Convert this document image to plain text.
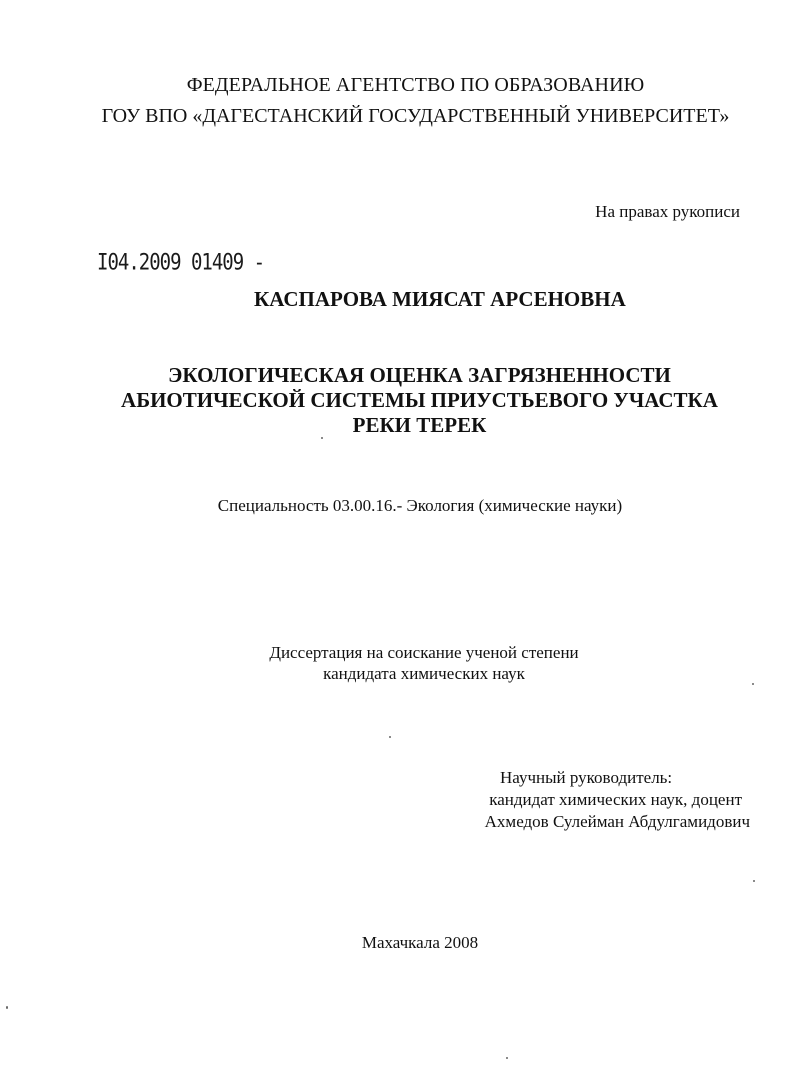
ФЕДЕРАЛЬНОЕ АГЕНТСТВО ПО ОБРАЗОВАНИЮ
ГОУ ВПО «ДАГЕСТАНСКИЙ ГОСУДАРСТВЕННЫЙ УНИВЕРСИТЕТ»
На правах рукописи
I04.2009 01409 -
КАСПАРОВА МИЯСАТ АРСЕНОВНА
ЭКОЛОГИЧЕСКАЯ ОЦЕНКА ЗАГРЯЗНЕННОСТИ
АБИОТИЧЕСКОЙ СИСТЕМЫ ПРИУСТЬЕВОГО УЧАСТКА
РЕКИ ТЕРЕК
Специальность 03.00.16.- Экология (химические науки)
Диссертация на соискание ученой степени
кандидата химических наук
Научный руководитель:
кандидат химических наук, доцент
Ахмедов Сулейман Абдулгамидович
Махачкала 2008
